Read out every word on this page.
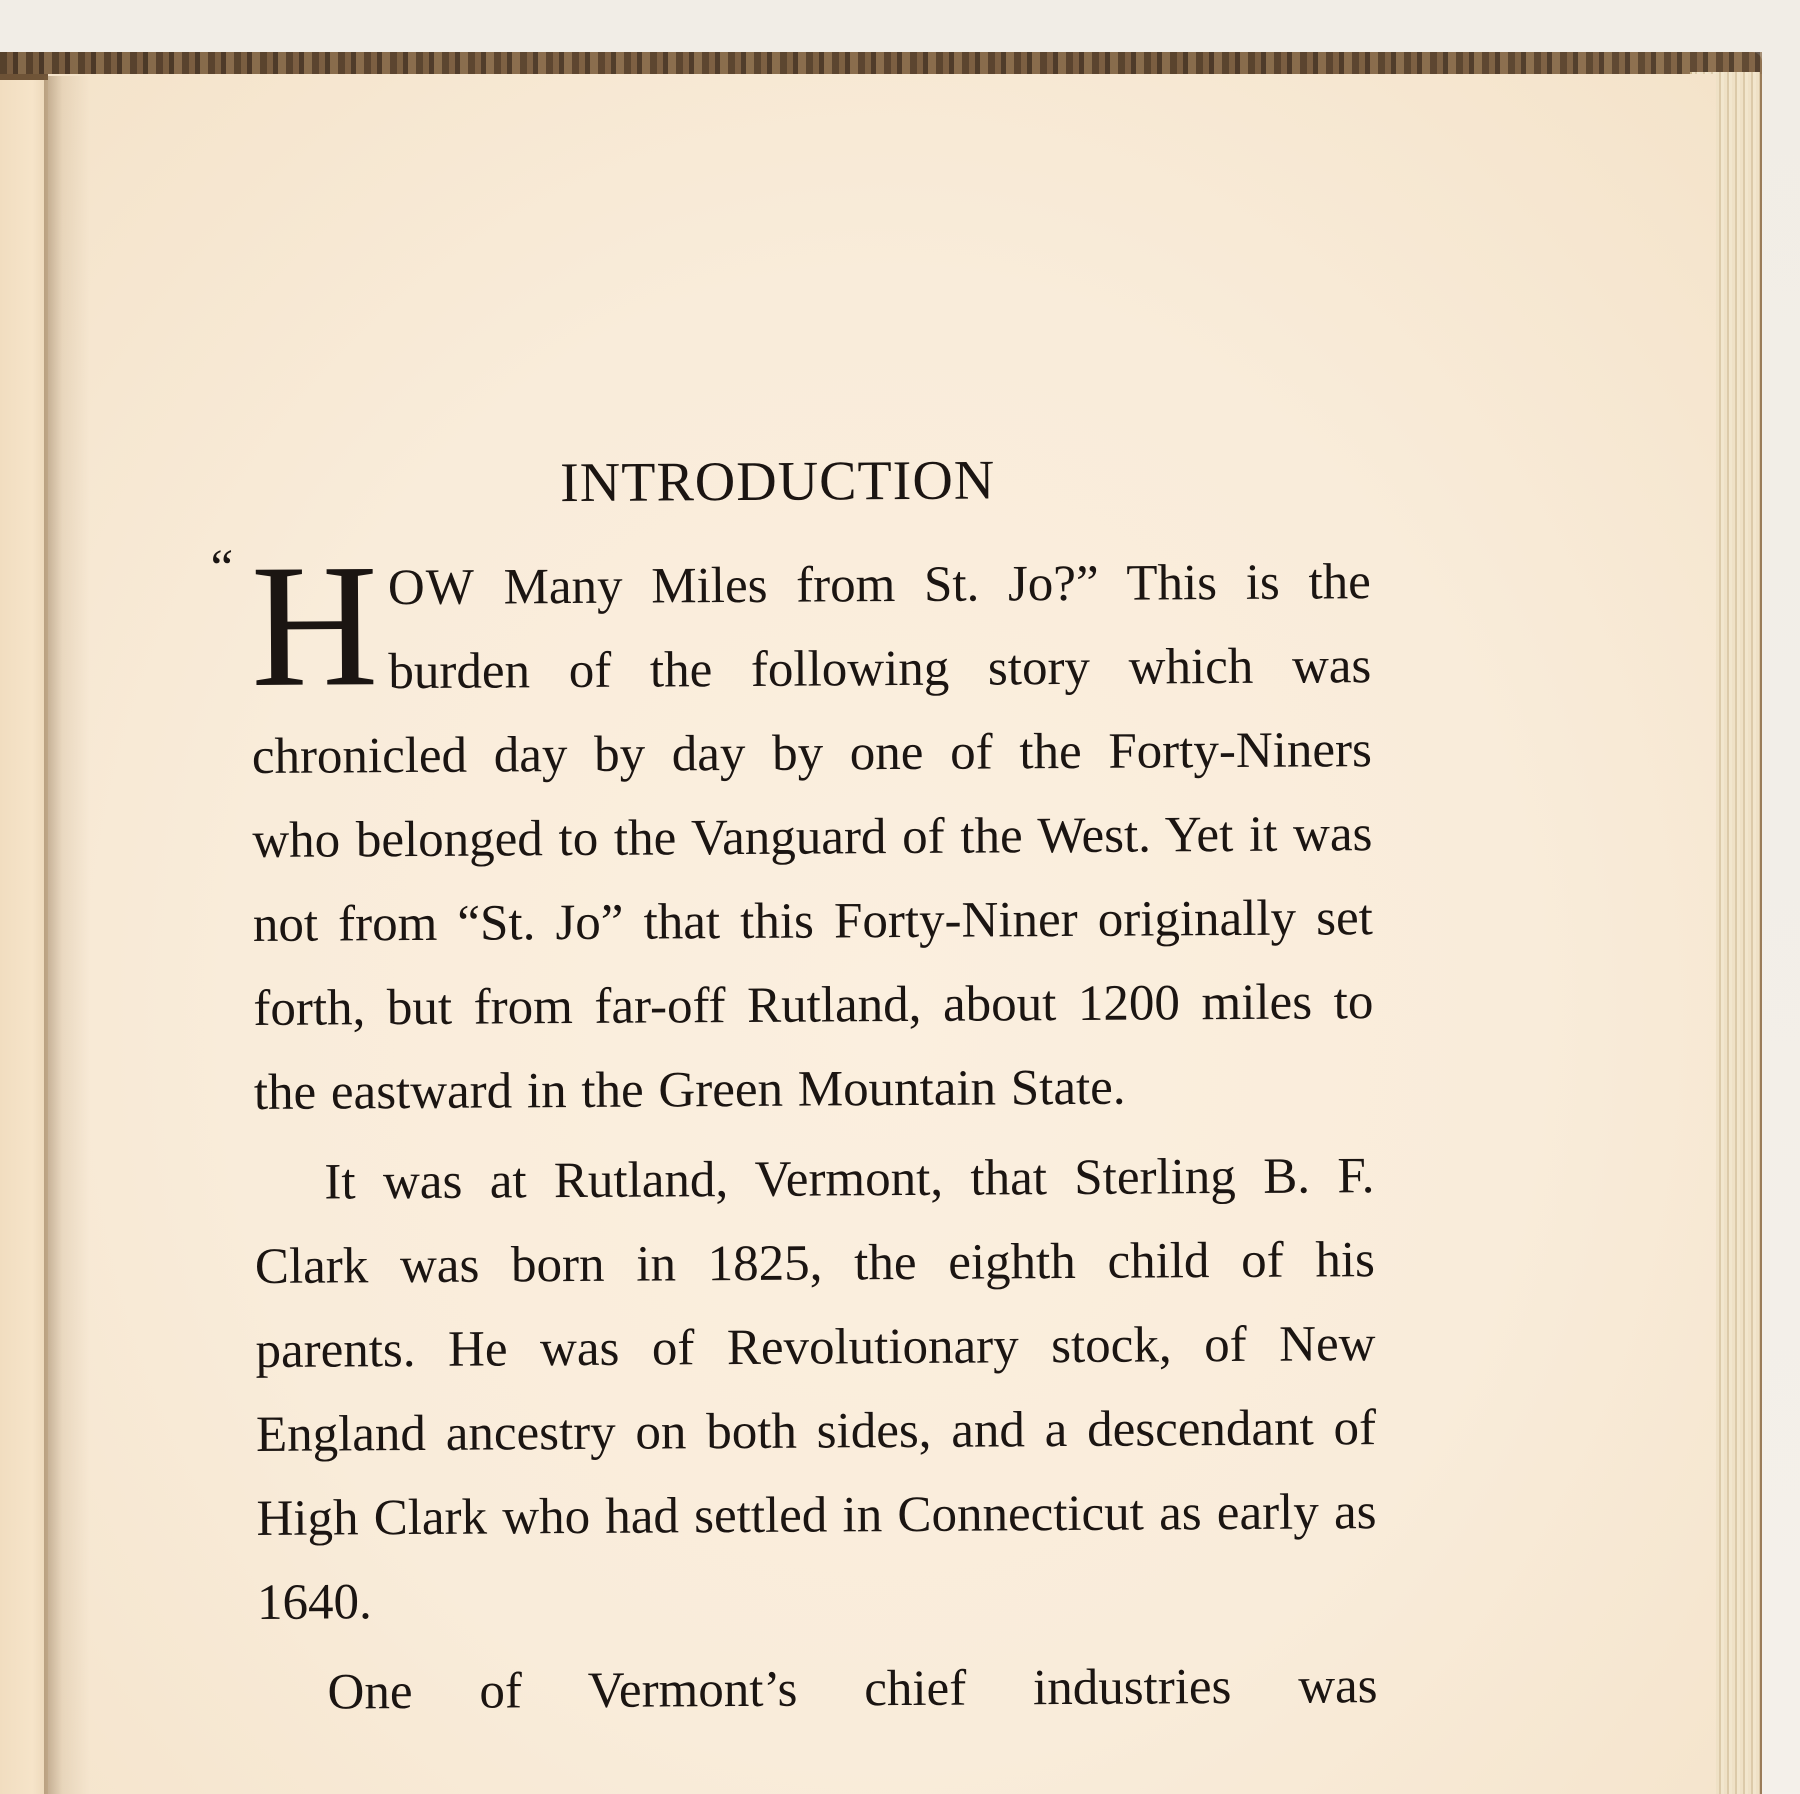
INTRODUCTION

“ H OW Many Miles from St. Jo?” This is the burden of the following story which was chronicled day by day by one of the Forty-Niners who belonged to the Vanguard of the West. Yet it was not from “St. Jo” that this Forty-Niner originally set forth, but from far-off Rutland, about 1200 miles to the eastward in the Green Mountain State.

It was at Rutland, Vermont, that Sterling B. F. Clark was born in 1825, the eighth child of his parents. He was of Revolutionary stock, of New England ancestry on both sides, and a descendant of High Clark who had settled in Connecticut as early as 1640.

One of Vermont’s chief industries was
